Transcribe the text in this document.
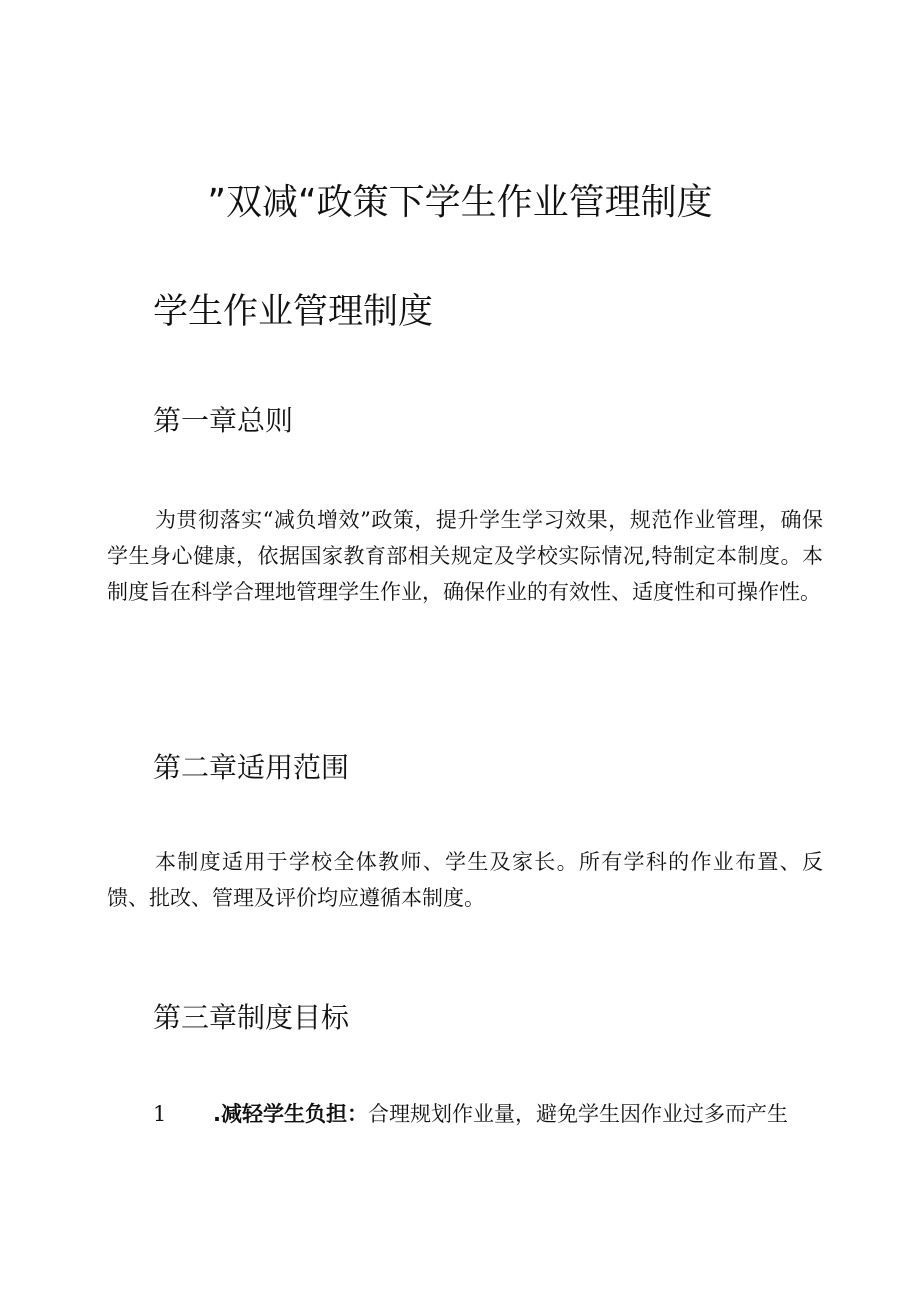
”双减“政策下学生作业管理制度
学生作业管理制度
第一章总则

为贯彻落实“减负增效”政策，提升学生学习效果，规范作业管理，确保学生身心健康，依据国家教育部相关规定及学校实际情况,特制定本制度。本制度旨在科学合理地管理学生作业，确保作业的有效性、适度性和可操作性。

第二章适用范围

本制度适用于学校全体教师、学生及家长。所有学科的作业布置、反馈、批改、管理及评价均应遵循本制度。

第三章制度目标

1 .减轻学生负担：合理规划作业量，避免学生因作业过多而产生
